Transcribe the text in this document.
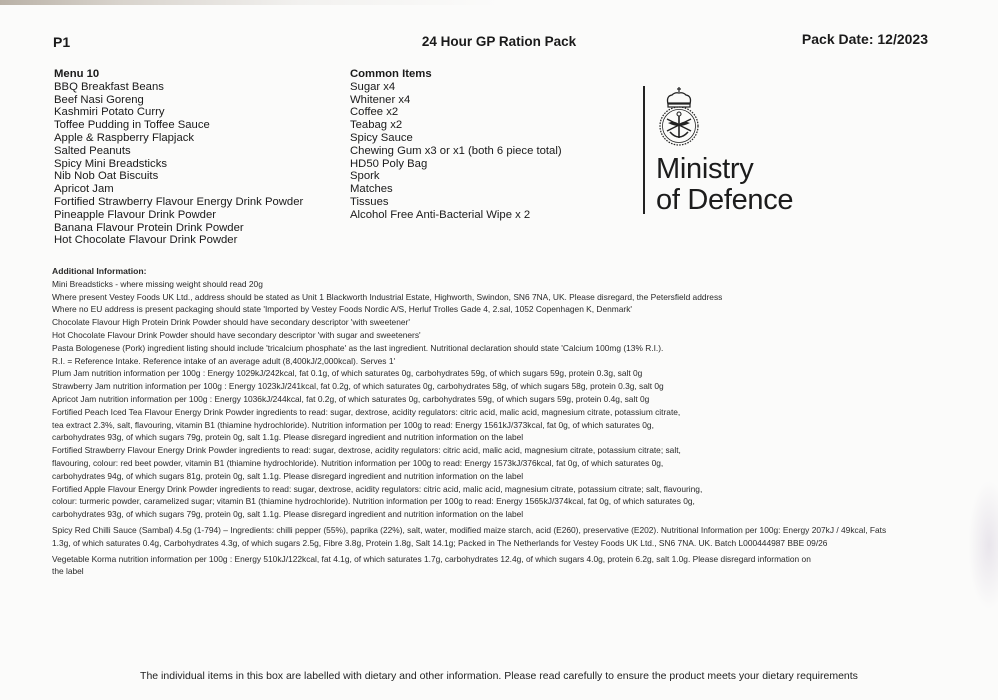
P1	24 Hour GP Ration Pack	Pack Date: 12/2023
Menu 10
BBQ Breakfast Beans
Beef Nasi Goreng
Kashmiri Potato Curry
Toffee Pudding in Toffee Sauce
Apple & Raspberry Flapjack
Salted Peanuts
Spicy Mini Breadsticks
Nib Nob Oat Biscuits
Apricot Jam
Fortified Strawberry Flavour Energy Drink Powder
Pineapple Flavour Drink Powder
Banana Flavour Protein Drink Powder
Hot Chocolate Flavour Drink Powder
Common Items
Sugar x4
Whitener x4
Coffee x2
Teabag x2
Spicy Sauce
Chewing Gum x3 or x1 (both 6 piece total)
HD50 Poly Bag
Spork
Matches
Tissues
Alcohol Free Anti-Bacterial Wipe x 2
Ministry
of Defence

Additional Information:

Mini Breadsticks - where missing weight should read 20g

Where present Vestey Foods UK Ltd., address should be stated as Unit 1 Blackworth Industrial Estate, Highworth, Swindon, SN6 7NA, UK. Please disregard, the Petersfield address

Where no EU address is present packaging should state 'Imported by Vestey Foods Nordic A/S, Herluf Trolles Gade 4, 2.sal, 1052 Copenhagen K, Denmark'

Chocolate Flavour High Protein Drink Powder should have secondary descriptor 'with sweetener'

Hot Chocolate Flavour Drink Powder should have secondary descriptor 'with sugar and sweeteners'

Pasta Bologenese (Pork) ingredient listing should include 'tricalcium phosphate' as the last ingredient. Nutritional declaration should state 'Calcium 100mg (13% R.I.).

R.I. = Reference Intake. Reference intake of an average adult (8,400kJ/2,000kcal). Serves 1'

Plum Jam nutrition information per 100g : Energy 1029kJ/242kcal, fat 0.1g, of which saturates 0g, carbohydrates 59g, of which sugars 59g, protein 0.3g, salt 0g

Strawberry Jam nutrition information per 100g : Energy 1023kJ/241kcal, fat 0.2g, of which saturates 0g, carbohydrates 58g, of which sugars 58g, protein 0.3g, salt 0g

Apricot Jam nutrition information per 100g : Energy 1036kJ/244kcal, fat 0.2g, of which saturates 0g, carbohydrates 59g, of which sugars 59g, protein 0.4g, salt 0g

Fortified Peach Iced Tea Flavour Energy Drink Powder ingredients to read: sugar, dextrose, acidity regulators: citric acid, malic acid, magnesium citrate, potassium citrate,

tea extract 2.3%, salt, flavouring, vitamin B1 (thiamine hydrochloride). Nutrition information per 100g to read: Energy 1561kJ/373kcal, fat 0g, of which saturates 0g,

carbohydrates 93g, of which sugars 79g, protein 0g, salt 1.1g. Please disregard ingredient and nutrition information on the label

Fortified Strawberry Flavour Energy Drink Powder ingredients to read: sugar, dextrose, acidity regulators: citric acid, malic acid, magnesium citrate, potassium citrate; salt,

flavouring, colour: red beet powder, vitamin B1 (thiamine hydrochloride). Nutrition information per 100g to read: Energy 1573kJ/376kcal, fat 0g, of which saturates 0g,

carbohydrates 94g, of which sugars 81g, protein 0g, salt 1.1g. Please disregard ingredient and nutrition information on the label

Fortified Apple Flavour Energy Drink Powder ingredients to read: sugar, dextrose, acidity regulators: citric acid, malic acid, magnesium citrate, potassium citrate; salt, flavouring,

colour: turmeric powder, caramelized sugar; vitamin B1 (thiamine hydrochloride). Nutrition information per 100g to read: Energy 1565kJ/374kcal, fat 0g, of which saturates 0g,

carbohydrates 93g, of which sugars 79g, protein 0g, salt 1.1g. Please disregard ingredient and nutrition information on the label

Spicy Red Chilli Sauce (Sambal) 4.5g (1-794) – Ingredients: chilli pepper (55%), paprika (22%), salt, water, modified maize starch, acid (E260), preservative (E202). Nutritional Information per 100g: Energy 207kJ / 49kcal, Fats

1.3g, of which saturates 0.4g, Carbohydrates 4.3g, of which sugars 2.5g, Fibre 3.8g, Protein 1.8g, Salt 14.1g; Packed in The Netherlands for Vestey Foods UK Ltd., SN6 7NA. UK. Batch L000444987 BBE 09/26

Vegetable Korma nutrition information per 100g : Energy 510kJ/122kcal, fat 4.1g, of which saturates 1.7g, carbohydrates 12.4g, of which sugars 4.0g, protein 6.2g, salt 1.0g. Please disregard information on

the label

The individual items in this box are labelled with dietary and other information. Please read carefully to ensure the product meets your dietary requirements
